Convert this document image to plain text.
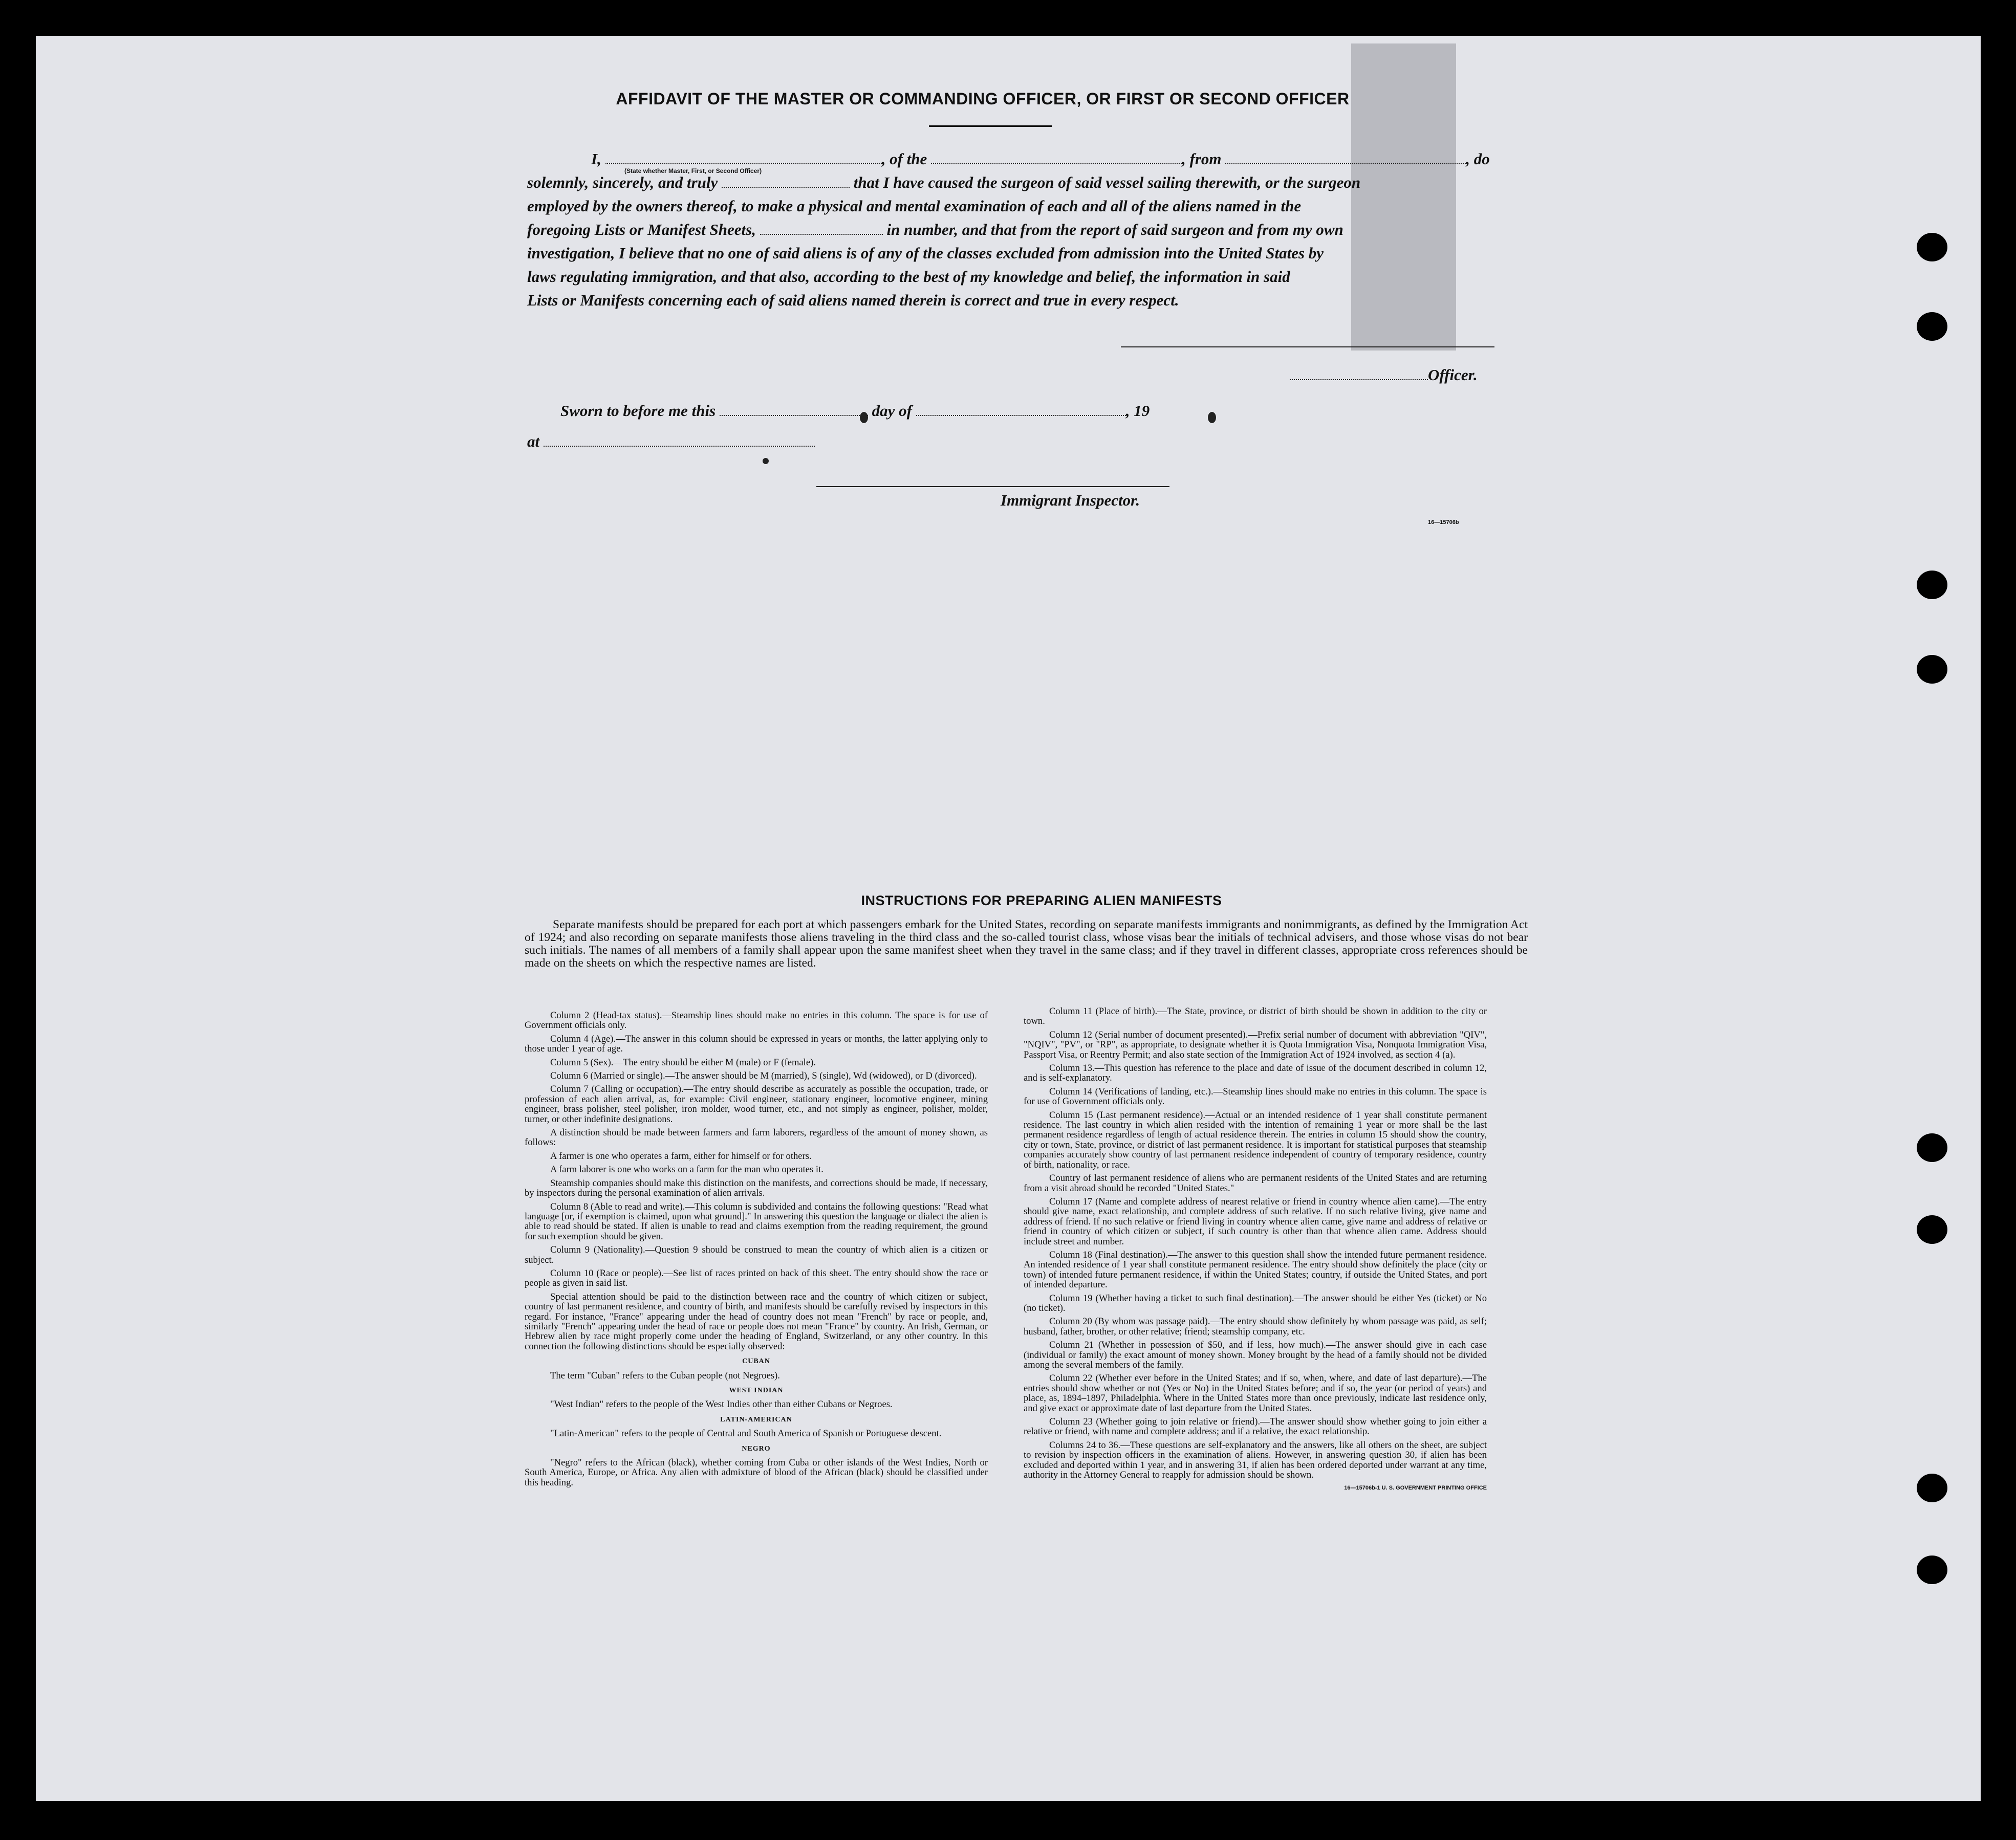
AFFIDAVIT OF THE MASTER OR COMMANDING OFFICER, OR FIRST OR SECOND OFFICER
I,	, of the	, from	, do
(State whether Master, First, or Second Officer)
solemnly, sincerely, and truly	that I have caused the surgeon of said vessel sailing therewith, or the surgeon
employed by the owners thereof, to make a physical and mental examination of each and all of the aliens named in the
foregoing Lists or Manifest Sheets,	in number, and that from the report of said surgeon and from my own
investigation, I believe that no one of said aliens is of any of the classes excluded from admission into the United States by
laws regulating immigration, and that also, according to the best of my knowledge and belief, the information in said
Lists or Manifests concerning each of said aliens named therein is correct and true in every respect.
Officer.
Sworn to before me this	day of	, 19
at
Immigrant Inspector.
16—15706b
INSTRUCTIONS FOR PREPARING ALIEN MANIFESTS
Separate manifests should be prepared for each port at which passengers embark for the United States, recording on separate manifests immigrants and nonimmigrants, as defined by the Immigration Act of 1924; and also recording on separate manifests those aliens traveling in the third class and the so-called tourist class, whose visas bear the initials of technical advisers, and those whose visas do not bear such initials. The names of all members of a family shall appear upon the same manifest sheet when they travel in the same class; and if they travel in different classes, appropriate cross references should be made on the sheets on which the respective names are listed.

Column 2 (Head-tax status).—Steamship lines should make no entries in this column. The space is for use of Government officials only.

Column 4 (Age).—The answer in this column should be expressed in years or months, the latter applying only to those under 1 year of age.

Column 5 (Sex).—The entry should be either M (male) or F (female).

Column 6 (Married or single).—The answer should be M (married), S (single), Wd (widowed), or D (divorced).

Column 7 (Calling or occupation).—The entry should describe as accurately as possible the occupation, trade, or profession of each alien arrival, as, for example: Civil engineer, stationary engineer, locomotive engineer, mining engineer, brass polisher, steel polisher, iron molder, wood turner, etc., and not simply as engineer, polisher, molder, turner, or other indefinite designations.

A distinction should be made between farmers and farm laborers, regardless of the amount of money shown, as follows:

A farmer is one who operates a farm, either for himself or for others.

A farm laborer is one who works on a farm for the man who operates it.

Steamship companies should make this distinction on the manifests, and corrections should be made, if necessary, by inspectors during the personal examination of alien arrivals.

Column 8 (Able to read and write).—This column is subdivided and contains the following questions: "Read what language [or, if exemption is claimed, upon what ground]." In answering this question the language or dialect the alien is able to read should be stated. If alien is unable to read and claims exemption from the reading requirement, the ground for such exemption should be given.

Column 9 (Nationality).—Question 9 should be construed to mean the country of which alien is a citizen or subject.

Column 10 (Race or people).—See list of races printed on back of this sheet. The entry should show the race or people as given in said list.

Special attention should be paid to the distinction between race and the country of which citizen or subject, country of last permanent residence, and country of birth, and manifests should be carefully revised by inspectors in this regard. For instance, "France" appearing under the head of country does not mean "French" by race or people, and, similarly "French" appearing under the head of race or people does not mean "France" by country. An Irish, German, or Hebrew alien by race might properly come under the heading of England, Switzerland, or any other country. In this connection the following distinctions should be especially observed:

CUBAN

The term "Cuban" refers to the Cuban people (not Negroes).

WEST INDIAN

"West Indian" refers to the people of the West Indies other than either Cubans or Negroes.

LATIN-AMERICAN

"Latin-American" refers to the people of Central and South America of Spanish or Portuguese descent.

NEGRO

"Negro" refers to the African (black), whether coming from Cuba or other islands of the West Indies, North or South America, Europe, or Africa. Any alien with admixture of blood of the African (black) should be classified under this heading.

Column 11 (Place of birth).—The State, province, or district of birth should be shown in addition to the city or town.

Column 12 (Serial number of document presented).—Prefix serial number of document with abbreviation "QIV", "NQIV", "PV", or "RP", as appropriate, to designate whether it is Quota Immigration Visa, Nonquota Immigration Visa, Passport Visa, or Reentry Permit; and also state section of the Immigration Act of 1924 involved, as section 4 (a).

Column 13.—This question has reference to the place and date of issue of the document described in column 12, and is self-explanatory.

Column 14 (Verifications of landing, etc.).—Steamship lines should make no entries in this column. The space is for use of Government officials only.

Column 15 (Last permanent residence).—Actual or an intended residence of 1 year shall constitute permanent residence. The last country in which alien resided with the intention of remaining 1 year or more shall be the last permanent residence regardless of length of actual residence therein. The entries in column 15 should show the country, city or town, State, province, or district of last permanent residence. It is important for statistical purposes that steamship companies accurately show country of last permanent residence independent of country of temporary residence, country of birth, nationality, or race.

Country of last permanent residence of aliens who are permanent residents of the United States and are returning from a visit abroad should be recorded "United States."

Column 17 (Name and complete address of nearest relative or friend in country whence alien came).—The entry should give name, exact relationship, and complete address of such relative. If no such relative living, give name and address of friend. If no such relative or friend living in country whence alien came, give name and address of relative or friend in country of which citizen or subject, if such country is other than that whence alien came. Address should include street and number.

Column 18 (Final destination).—The answer to this question shall show the intended future permanent residence. An intended residence of 1 year shall constitute permanent residence. The entry should show definitely the place (city or town) of intended future permanent residence, if within the United States; country, if outside the United States, and port of intended departure.

Column 19 (Whether having a ticket to such final destination).—The answer should be either Yes (ticket) or No (no ticket).

Column 20 (By whom was passage paid).—The entry should show definitely by whom passage was paid, as self; husband, father, brother, or other relative; friend; steamship company, etc.

Column 21 (Whether in possession of $50, and if less, how much).—The answer should give in each case (individual or family) the exact amount of money shown. Money brought by the head of a family should not be divided among the several members of the family.

Column 22 (Whether ever before in the United States; and if so, when, where, and date of last departure).—The entries should show whether or not (Yes or No) in the United States before; and if so, the year (or period of years) and place, as, 1894–1897, Philadelphia. Where in the United States more than once previously, indicate last residence only, and give exact or approximate date of last departure from the United States.

Column 23 (Whether going to join relative or friend).—The answer should show whether going to join either a relative or friend, with name and complete address; and if a relative, the exact relationship.

Columns 24 to 36.—These questions are self-explanatory and the answers, like all others on the sheet, are subject to revision by inspection officers in the examination of aliens. However, in answering question 30, if alien has been excluded and deported within 1 year, and in answering 31, if alien has been ordered deported under warrant at any time, authority in the Attorney General to reapply for admission should be shown.

16—15706b-1 U. S. GOVERNMENT PRINTING OFFICE
